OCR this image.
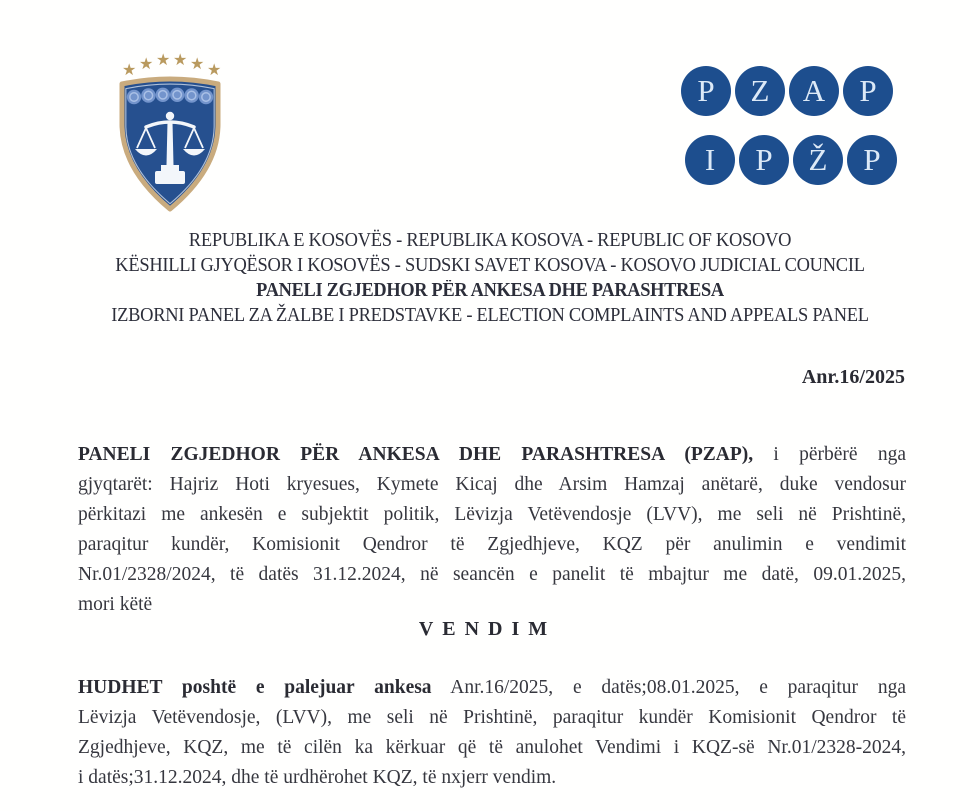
★ ★ ★ ★ ★ ★
P	Z	A	P
I	P	Ž	P
REPUBLIKA E KOSOVËS - REPUBLIKA KOSOVA - REPUBLIC OF KOSOVO
KËSHILLI GJYQËSOR I KOSOVËS - SUDSKI SAVET KOSOVA - KOSOVO JUDICIAL COUNCIL
PANELI ZGJEDHOR PËR ANKESA DHE PARASHTRESA
IZBORNI PANEL ZA ŽALBE I PREDSTAVKE - ELECTION COMPLAINTS AND APPEALS PANEL
Anr.16/2025
PANELI ZGJEDHOR PËR ANKESA DHE PARASHTRESA (PZAP), i përbërë nga
gjyqtarët: Hajriz Hoti kryesues, Kymete Kicaj dhe Arsim Hamzaj anëtarë, duke vendosur
përkitazi me ankesën e subjektit politik, Lëvizja Vetëvendosje (LVV), me seli në Prishtinë,
paraqitur kundër, Komisionit Qendror të Zgjedhjeve, KQZ për anulimin e vendimit
Nr.01/2328/2024, të datës 31.12.2024, në seancën e panelit të mbajtur me datë, 09.01.2025,
mori këtë
VENDIM
HUDHET poshtë e palejuar ankesa Anr.16/2025, e datës;08.01.2025, e paraqitur nga
Lëvizja Vetëvendosje, (LVV), me seli në Prishtinë, paraqitur kundër Komisionit Qendror të
Zgjedhjeve, KQZ, me të cilën ka kërkuar që të anulohet Vendimi i KQZ-së Nr.01/2328-2024,
i datës;31.12.2024, dhe të urdhërohet KQZ, të nxjerr vendim.
